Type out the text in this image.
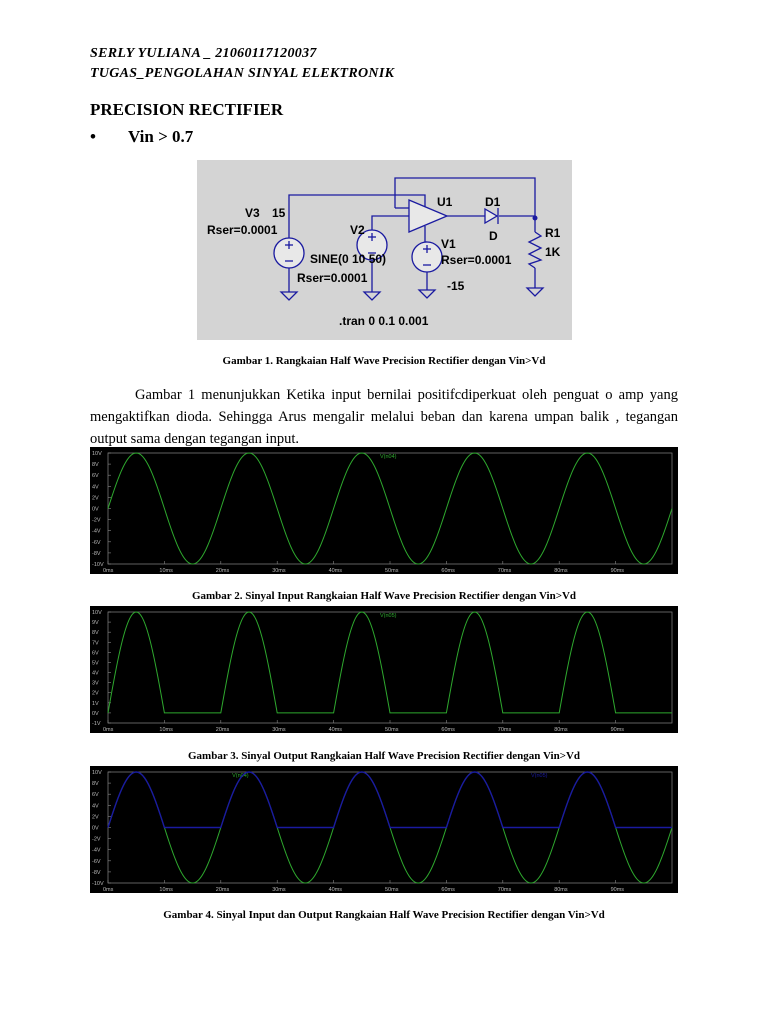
SERLY YULIANA _ 21060117120037
TUGAS_PENGOLAHAN SINYAL ELEKTRONIK
PRECISION RECTIFIER
• Vin > 0.7
V3 15
Rser=0.0001	V2
SINE(0 10 50)
Rser=0.0001
U1	D1
D
V1
Rser=0.0001
-15
R1
1K
.tran 0 0.1 0.001
Gambar 1. Rangkaian Half Wave Precision Rectifier dengan Vin>Vd
Gambar 1 menunjukkan Ketika input bernilai positifcdiperkuat oleh penguat o amp yang mengaktifkan dioda. Sehingga Arus mengalir melalui beban dan karena umpan balik , tegangan output sama dengan tegangan input.
10V
8V
6V
4V
2V
0V
-2V
-4V
-6V
-8V
-10V
0ms	10ms	20ms	30ms	40ms	50ms	60ms	70ms	80ms	90ms
V(n04)
Gambar 2. Sinyal Input Rangkaian Half Wave Precision Rectifier dengan Vin>Vd
10V
9V
8V
7V
6V
5V
4V
3V
2V
1V
0V
-1V
0ms	10ms	20ms	30ms	40ms	50ms	60ms	70ms	80ms	90ms
V(n05)
Gambar 3. Sinyal Output Rangkaian Half Wave Precision Rectifier dengan Vin>Vd
10V
8V
6V
4V
2V
0V
-2V
-4V
-6V
-8V
-10V
0ms	10ms	20ms	30ms	40ms	50ms	60ms	70ms	80ms	90ms
V(n04)	V(n05)
Gambar 4. Sinyal Input dan Output Rangkaian Half Wave Precision Rectifier dengan Vin>Vd
